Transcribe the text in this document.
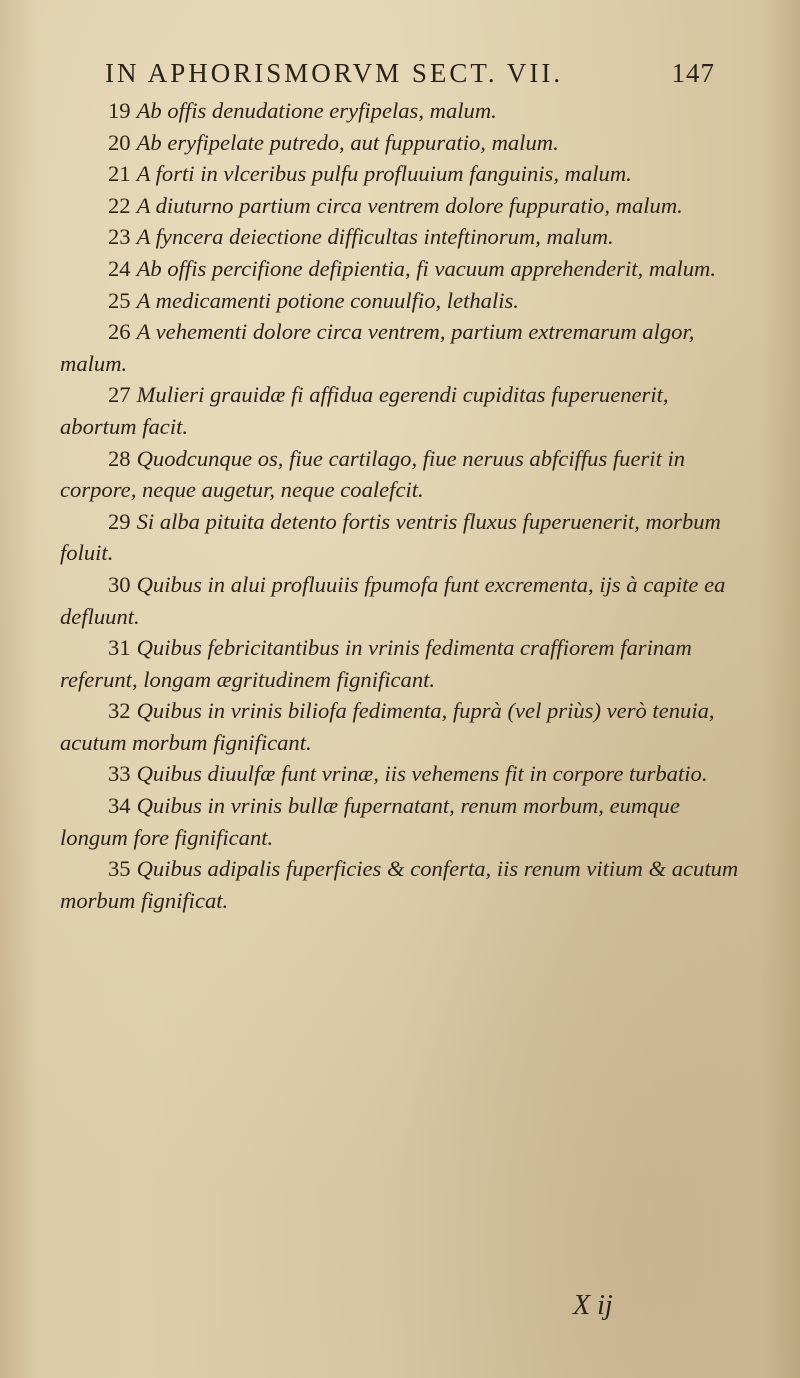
IN APHORISMORVM SECT. VII.	147

19 Ab offis denudatione eryfipelas, malum.

20 Ab eryfipelate putredo, aut fuppuratio, malum.

21 A forti in vlceribus pulfu profluuium fanguinis, malum.

22 A diuturno partium circa ventrem dolore fuppuratio, malum.

23 A fyncera deiectione difficultas inteftinorum, malum.

24 Ab offis percifione defipientia, fi vacuum apprehenderit, malum.

25 A medicamenti potione conuulfio, lethalis.

26 A vehementi dolore circa ventrem, partium extremarum algor, malum.

27 Mulieri grauidæ fi affidua egerendi cupiditas fuperuenerit, abortum facit.

28 Quodcunque os, fiue cartilago, fiue neruus abfciffus fuerit in corpore, neque augetur, neque coalefcit.

29 Si alba pituita detento fortis ventris fluxus fuperuenerit, morbum foluit.

30 Quibus in alui profluuiis fpumofa funt excrementa, ijs à capite ea defluunt.

31 Quibus febricitantibus in vrinis fedimenta craffiorem farinam referunt, longam ægritudinem fignificant.

32 Quibus in vrinis biliofa fedimenta, fuprà (vel priùs) verò tenuia, acutum morbum fignificant.

33 Quibus diuulfæ funt vrinæ, iis vehemens fit in corpore turbatio.

34 Quibus in vrinis bullæ fupernatant, renum morbum, eumque longum fore fignificant.

35 Quibus adipalis fuperficies & conferta, iis renum vitium & acutum morbum fignificat.

X ij
